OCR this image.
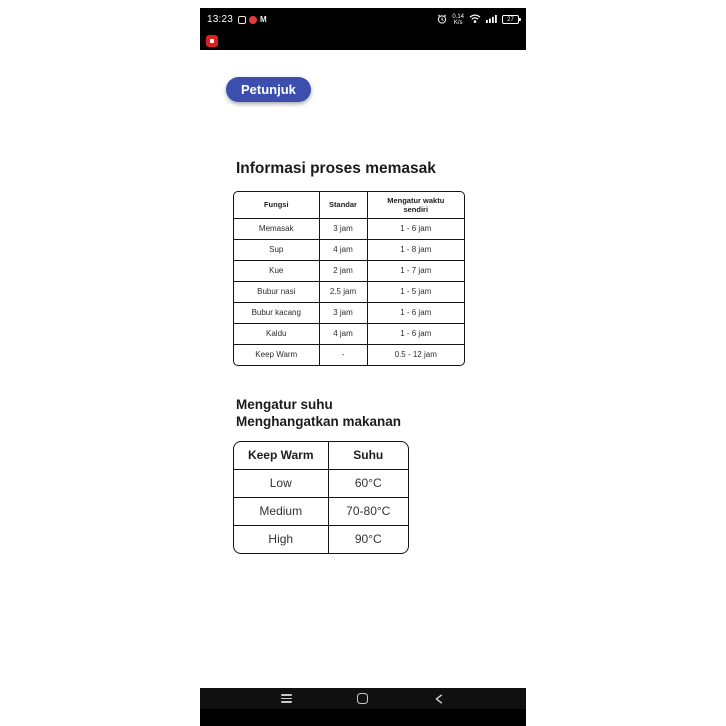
13:23	M	0.14
K/s	27
Petunjuk
Informasi proses memasak
Fungsi	Standar	Mengatur waktu sendiri
Memasak	3 jam	1 - 6 jam
Sup	4 jam	1 - 8 jam
Kue	2 jam	1 - 7 jam
Bubur nasi	2.5 jam	1 - 5 jam
Bubur kacang	3 jam	1 - 6 jam
Kaldu	4 jam	1 - 6 jam
Keep Warm	-	0.5 - 12 jam
Mengatur suhu
Menghangatkan makanan
Keep Warm	Suhu
Low	60°C
Medium	70-80°C
High	90°C
